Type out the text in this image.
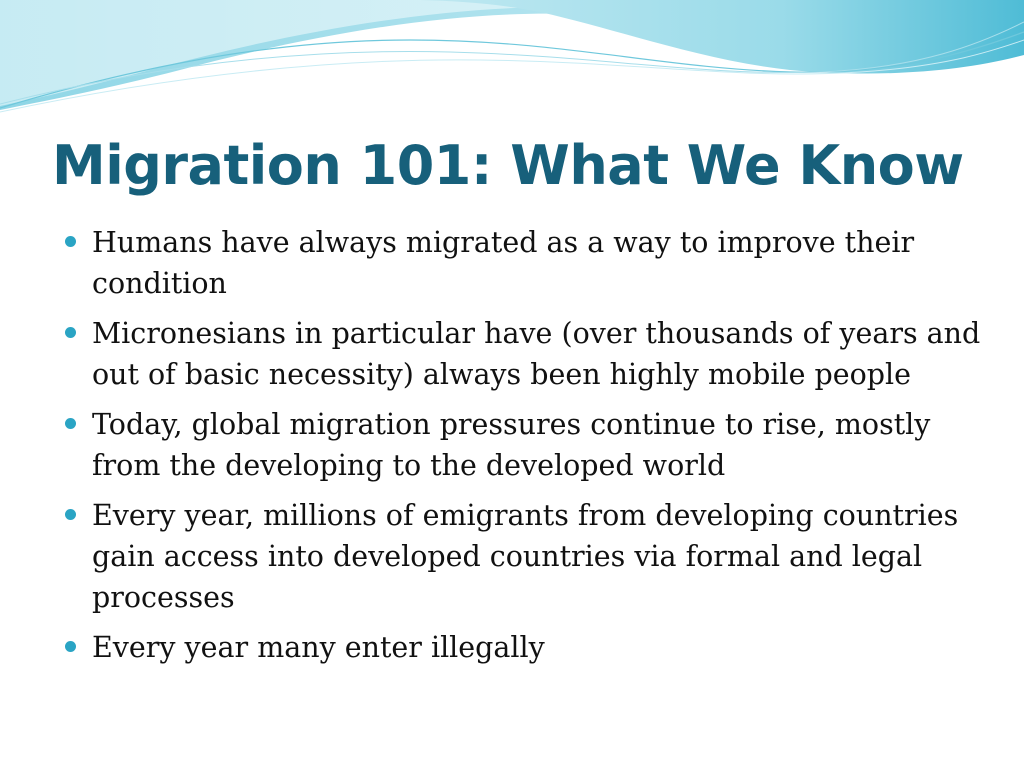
Migration 101: What We Know
Humans have always migrated as a way to improve their condition
Micronesians in particular have (over thousands of years and out of basic necessity) always been highly mobile people
Today, global migration pressures continue to rise, mostly from the developing to the developed world
Every year, millions of emigrants from developing countries gain access into developed countries via formal and legal processes
Every year many enter illegally
